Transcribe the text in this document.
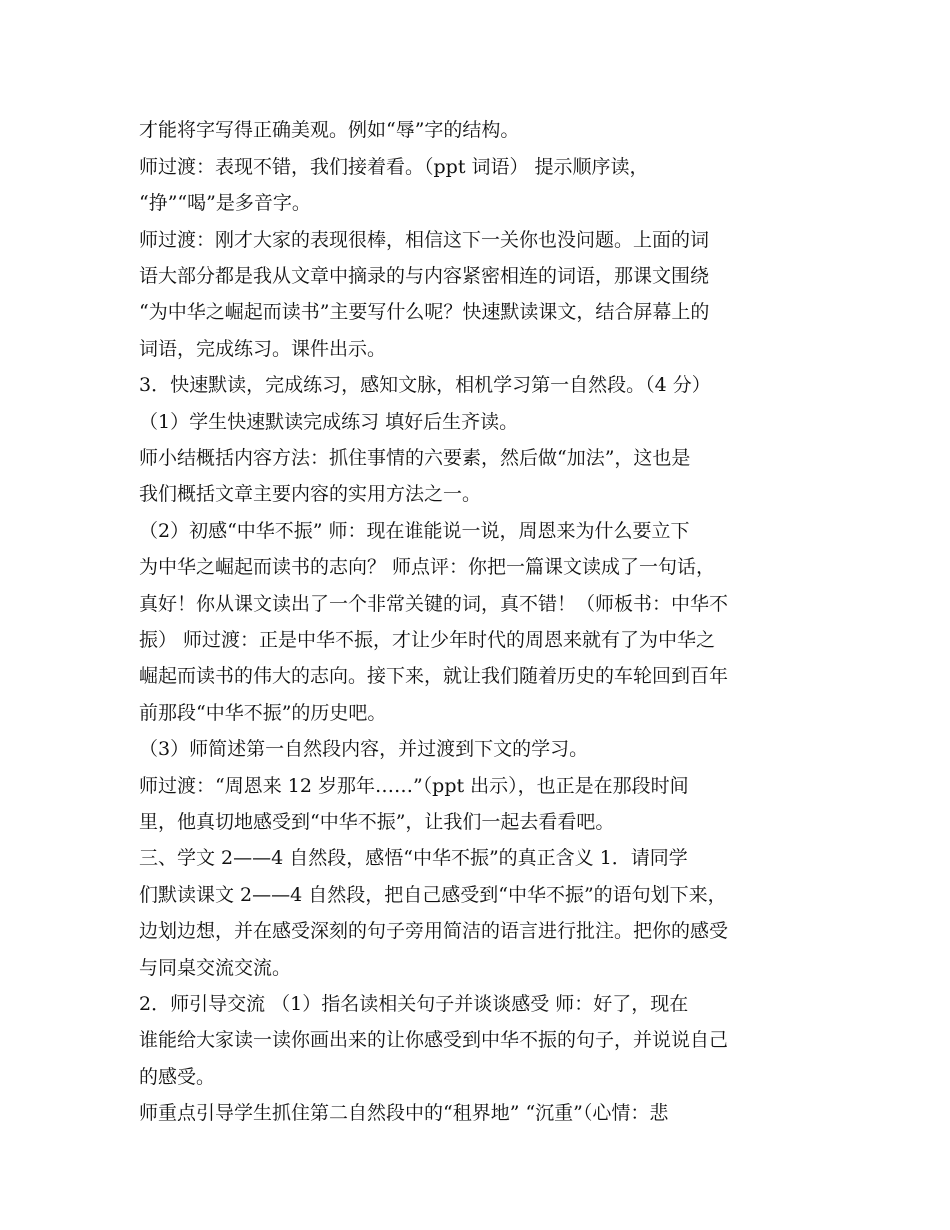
才能将字写得正确美观。例如“辱”字的结构。
师过渡：表现不错，我们接着看。（ppt 词语） 提示顺序读，
“挣”“喝”是多音字。
师过渡：刚才大家的表现很棒，相信这下一关你也没问题。上面的词
语大部分都是我从文章中摘录的与内容紧密相连的词语，那课文围绕
“为中华之崛起而读书”主要写什么呢？快速默读课文，结合屏幕上的
词语，完成练习。课件出示。
3．快速默读，完成练习，感知文脉，相机学习第一自然段。（4 分）
（1）学生快速默读完成练习 填好后生齐读。
师小结概括内容方法：抓住事情的六要素，然后做“加法”，这也是
我们概括文章主要内容的实用方法之一。
（2）初感“中华不振” 师：现在谁能说一说，周恩来为什么要立下
为中华之崛起而读书的志向？ 师点评：你把一篇课文读成了一句话，
真好！你从课文读出了一个非常关键的词，真不错！（师板书：中华不
振） 师过渡：正是中华不振，才让少年时代的周恩来就有了为中华之
崛起而读书的伟大的志向。接下来，就让我们随着历史的车轮回到百年
前那段“中华不振”的历史吧。
（3）师简述第一自然段内容，并过渡到下文的学习。
师过渡：“周恩来 12 岁那年……”（ppt 出示），也正是在那段时间
里，他真切地感受到“中华不振”，让我们一起去看看吧。
三、学文 2——4 自然段，感悟“中华不振”的真正含义 1．请同学
们默读课文 2——4 自然段，把自己感受到“中华不振”的语句划下来，
边划边想，并在感受深刻的句子旁用简洁的语言进行批注。把你的感受
与同桌交流交流。
2．师引导交流 （1）指名读相关句子并谈谈感受 师：好了，现在
谁能给大家读一读你画出来的让你感受到中华不振的句子，并说说自己
的感受。
师重点引导学生抓住第二自然段中的“租界地” “沉重”（心情：悲
